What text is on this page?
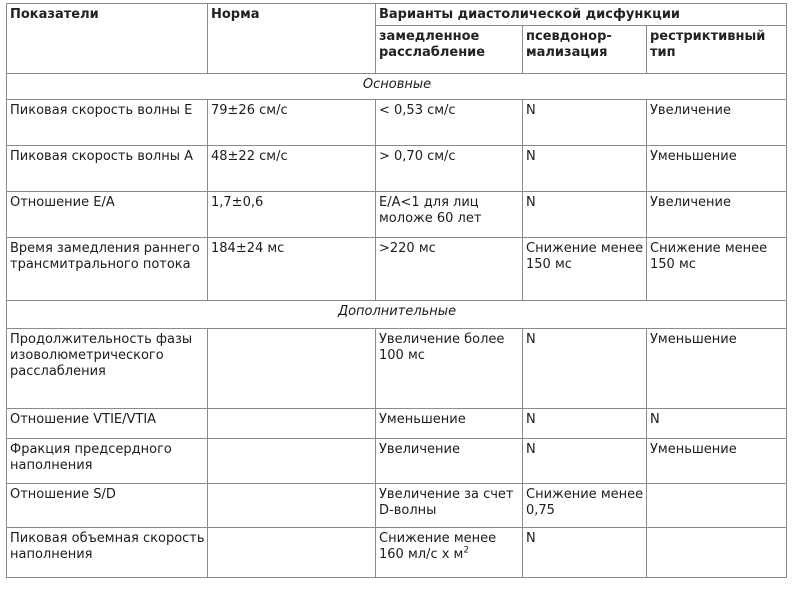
Показатели	Норма	Варианты диастолической дисфункции		
		замедленное расслабление	псевдонор-мализация	рестриктивный тип
Основные				
Пиковая скорость волны Е	79±26 см/с	< 0,53 см/с	N	Увеличение
Пиковая скорость волны А	48±22 см/с	> 0,70 см/с	N	Уменьшение
Отношение E/A	1,7±0,6	E/A<1 для лиц моложе 60 лет	N	Увеличение
Время замедления раннего трансмитрального потока	184±24 мс	>220 мс	Снижение менее 150 мс	Снижение менее 150 мс
Дополнительные				
Продолжительность фазы изоволюметрического расслабления		Увеличение более 100 мс	N	Уменьшение
Отношение VTIE/VTIA		Уменьшение	N	N
Фракция предсердного наполнения		Увеличение	N	Уменьшение
Отношение S/D		Увеличение за счет D-волны	Снижение менее 0,75	
Пиковая объемная скорость наполнения		Снижение менее 160 мл/с х $м^2$	N	
